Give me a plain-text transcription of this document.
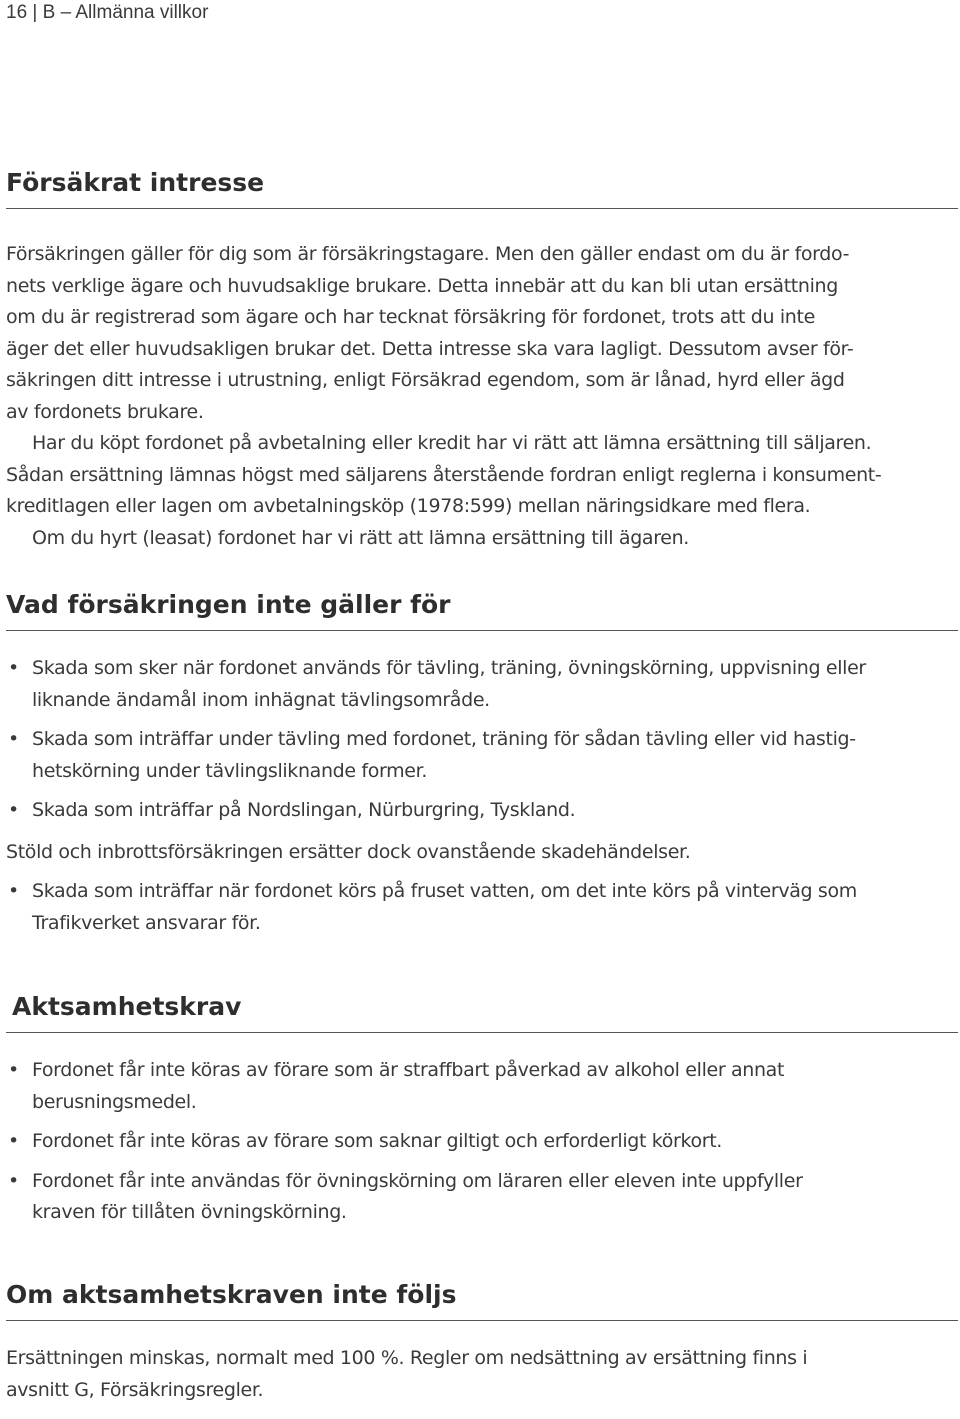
16 | B – Allmänna villkor
Försäkrat intresse

Försäkringen gäller för dig som är försäkringstagare. Men den gäller endast om du är fordo-
nets verklige ägare och huvudsaklige brukare. Detta innebär att du kan bli utan ersättning
om du är registrerad som ägare och har tecknat försäkring för fordonet, trots att du inte
äger det eller huvudsakligen brukar det. Detta intresse ska vara lagligt. Dessutom avser för-
säkringen ditt intresse i utrustning, enligt Försäkrad egendom, som är lånad, hyrd eller ägd
av fordonets brukare.

Har du köpt fordonet på avbetalning eller kredit har vi rätt att lämna ersättning till säljaren.
Sådan ersättning lämnas högst med säljarens återstående fordran enligt reglerna i konsument-
kreditlagen eller lagen om avbetalningsköp (1978:599) mellan näringsidkare med flera.

Om du hyrt (leasat) fordonet har vi rätt att lämna ersättning till ägaren.

Vad försäkringen inte gäller för
• Skada som sker när fordonet används för tävling, träning, övningskörning, uppvisning eller
liknande ändamål inom inhägnat tävlingsområde.
• Skada som inträffar under tävling med fordonet, träning för sådan tävling eller vid hastig-
hetskörning under tävlingsliknande former.
• Skada som inträffar på Nordslingan, Nürburgring, Tyskland.

Stöld och inbrottsförsäkringen ersätter dock ovanstående skadehändelser.

• Skada som inträffar när fordonet körs på fruset vatten, om det inte körs på vinterväg som
Trafikverket ansvarar för.
Aktsamhetskrav
• Fordonet får inte köras av förare som är straffbart påverkad av alkohol eller annat
berusningsmedel.
• Fordonet får inte köras av förare som saknar giltigt och erforderligt körkort.
• Fordonet får inte användas för övningskörning om läraren eller eleven inte uppfyller
kraven för tillåten övningskörning.
Om aktsamhetskraven inte följs

Ersättningen minskas, normalt med 100 %. Regler om nedsättning av ersättning finns i
avsnitt G, Försäkringsregler.
